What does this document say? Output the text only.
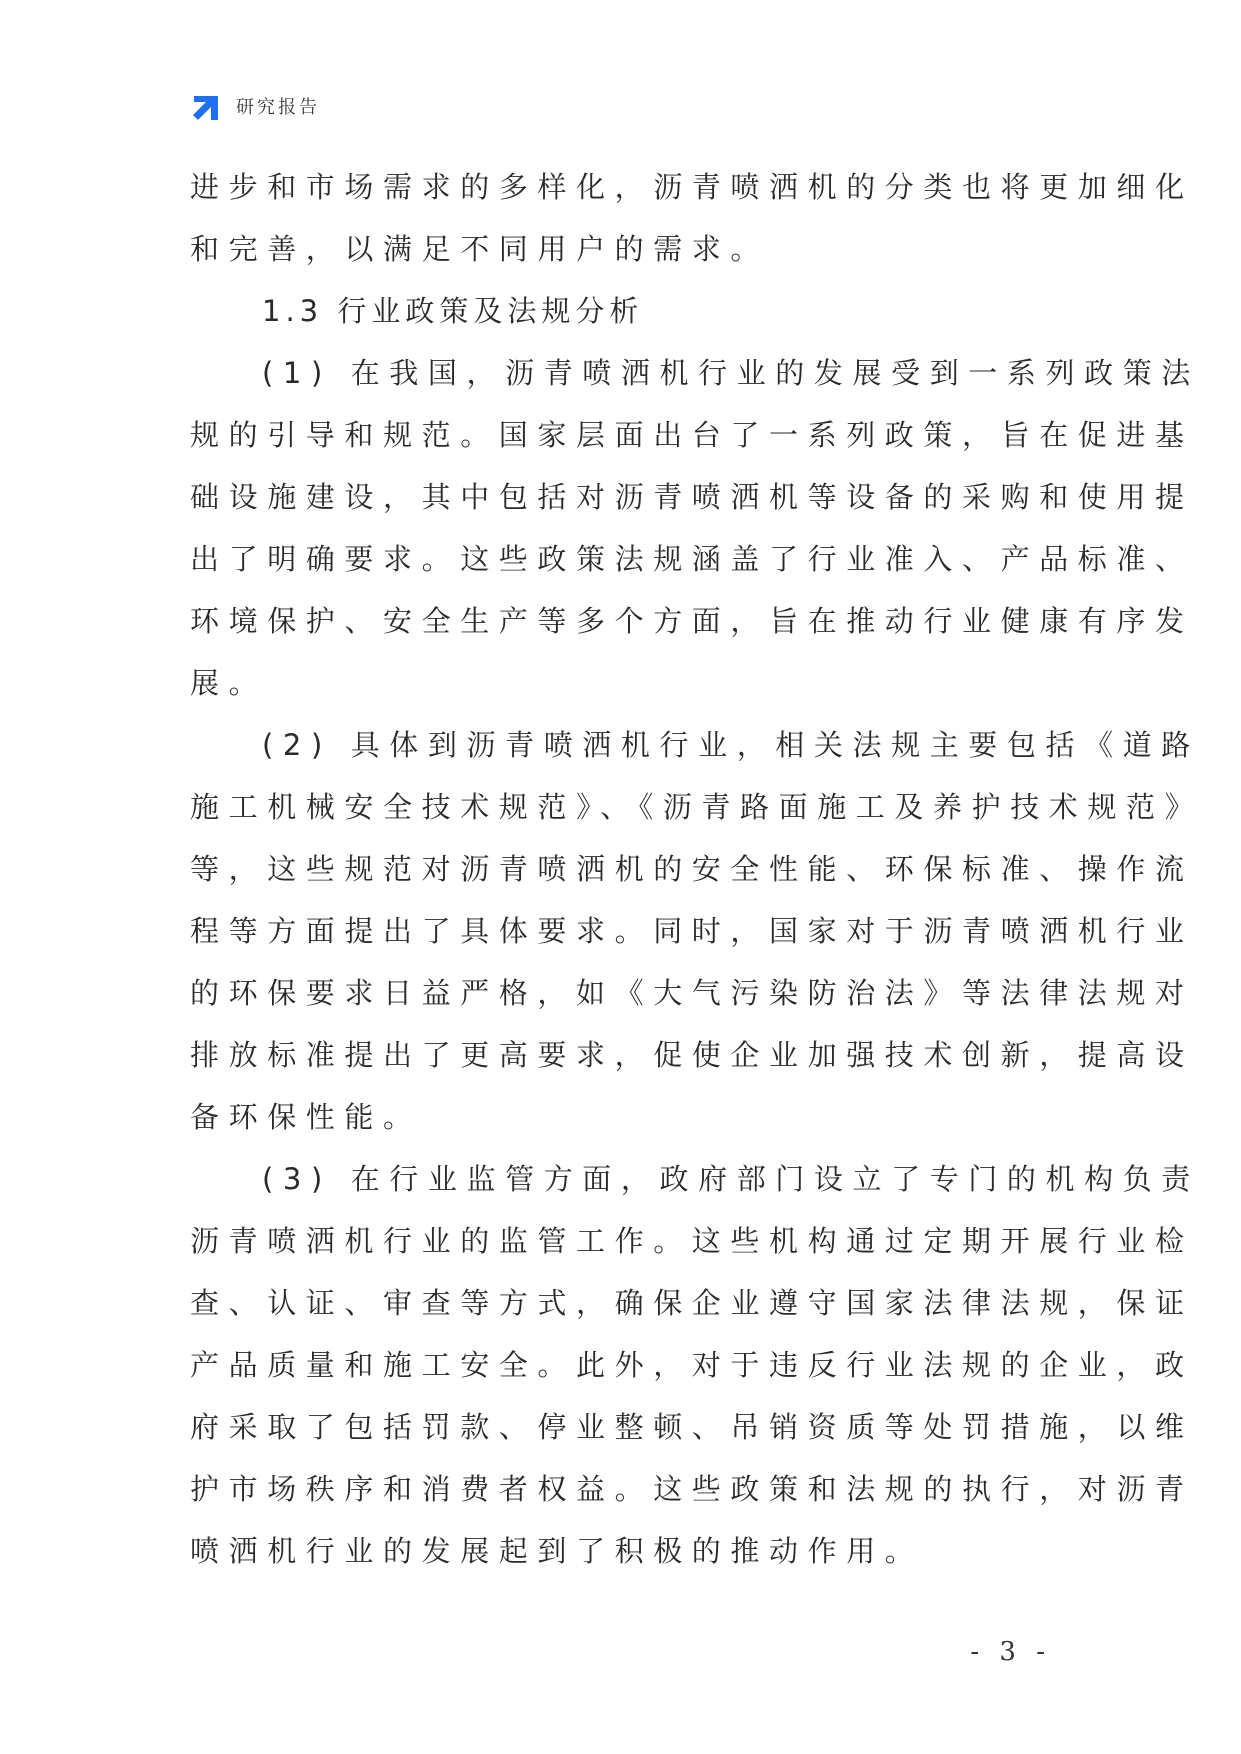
研究报告
进步和市场需求的多样化，沥青喷洒机的分类也将更加细化
和完善，以满足不同用户的需求。
1.3 行业政策及法规分析
(1) 在我国，沥青喷洒机行业的发展受到一系列政策法
规的引导和规范。国家层面出台了一系列政策，旨在促进基
础设施建设，其中包括对沥青喷洒机等设备的采购和使用提
出了明确要求。这些政策法规涵盖了行业准入、产品标准、
环境保护、安全生产等多个方面，旨在推动行业健康有序发
展。
(2) 具体到沥青喷洒机行业，相关法规主要包括《道路
施工机械安全技术规范》、《沥青路面施工及养护技术规范》
等，这些规范对沥青喷洒机的安全性能、环保标准、操作流
程等方面提出了具体要求。同时，国家对于沥青喷洒机行业
的环保要求日益严格，如《大气污染防治法》等法律法规对
排放标准提出了更高要求，促使企业加强技术创新，提高设
备环保性能。
(3) 在行业监管方面，政府部门设立了专门的机构负责
沥青喷洒机行业的监管工作。这些机构通过定期开展行业检
查、认证、审查等方式，确保企业遵守国家法律法规，保证
产品质量和施工安全。此外，对于违反行业法规的企业，政
府采取了包括罚款、停业整顿、吊销资质等处罚措施，以维
护市场秩序和消费者权益。这些政策和法规的执行，对沥青
喷洒机行业的发展起到了积极的推动作用。
- 3 -
